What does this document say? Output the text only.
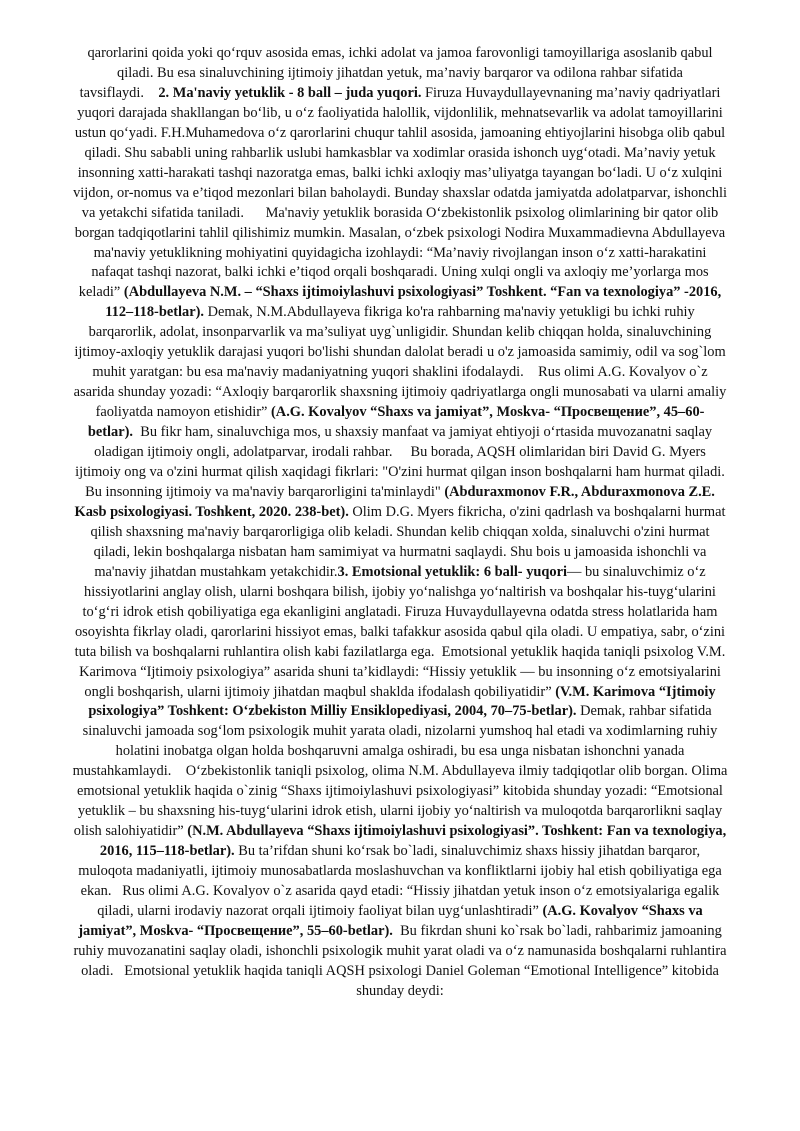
qarorlarini qoida yoki qo‘rquv asosida emas, ichki adolat va jamoa farovonligi tamoyillariga asoslanib qabul qiladi. Bu esa sinaluvchining ijtimoiy jihatdan yetuk, ma’naviy barqaror va odilona rahbar sifatida tavsiflaydi. 2. Ma'naviy yetuklik - 8 ball – juda yuqori. Firuza Huvaydullayevnaning ma’naviy qadriyatlari yuqori darajada shakllangan bo‘lib, u o‘z faoliyatida halollik, vijdonlilik, mehnatsevarlik va adolat tamoyillarini ustun qo‘yadi. F.H.Muhamedova o‘z qarorlarini chuqur tahlil asosida, jamoaning ehtiyojlarini hisobga olib qabul qiladi. Shu sababli uning rahbarlik uslubi hamkasblar va xodimlar orasida ishonch uyg‘otadi. Ma’naviy yetuk insonning xatti-harakati tashqi nazoratga emas, balki ichki axloqiy mas’uliyatga tayangan bo‘ladi. U o‘z xulqini vijdon, or-nomus va e’tiqod mezonlari bilan baholaydi. Bunday shaxslar odatda jamiyatda adolatparvar, ishonchli va yetakchi sifatida taniladi. Ma'naviy yetuklik borasida O‘zbekistonlik psixolog olimlarining bir qator olib borgan tadqiqotlarini tahlil qilishimiz mumkin. Masalan, o‘zbek psixologi Nodira Muxammadievna Abdullayeva ma'naviy yetuklikning mohiyatini quyidagicha izohlaydi: “Ma’naviy rivojlangan inson o‘z xatti-harakatini nafaqat tashqi nazorat, balki ichki e’tiqod orqali boshqaradi. Uning xulqi ongli va axloqiy me’yorlarga mos keladi” (Abdullayeva N.M. – “Shaxs ijtimoiylashuvi psixologiyasi” Toshkent. “Fan va texnologiya” -2016, 112–118-betlar). Demak, N.M.Abdullayeva fikriga ko'ra rahbarning ma'naviy yetukligi bu ichki ruhiy barqarorlik, adolat, insonparvarlik va ma’suliyat uyg`unligidir. Shundan kelib chiqqan holda, sinaluvchining ijtimoy-axloqiy yetuklik darajasi yuqori bo'lishi shundan dalolat beradi u o'z jamoasida samimiy, odil va sog`lom muhit yaratgan: bu esa ma'naviy madaniyatning yuqori shaklini ifodalaydi. Rus olimi A.G. Kovalyov o`z asarida shunday yozadi: “Axloqiy barqarorlik shaxsning ijtimoiy qadriyatlarga ongli munosabati va ularni amaliy faoliyatda namoyon etishidir” (A.G. Kovalyov “Shaxs va jamiyat”, Moskva- “Просвещение”, 45–60-betlar). Bu fikr ham, sinaluvchiga mos, u shaxsiy manfaat va jamiyat ehtiyoji o‘rtasida muvozanatni saqlay oladigan ijtimoiy ongli, adolatparvar, irodali rahbar. Bu borada, AQSH olimlaridan biri David G. Myers ijtimoiy ong va o'zini hurmat qilish xaqidagi fikrlari: "O'zini hurmat qilgan inson boshqalarni ham hurmat qiladi. Bu insonning ijtimoiy va ma'naviy barqarorligini ta'minlaydi" (Abduraxmonov F.R., Abduraxmonova Z.E. Kasb psixologiyasi. Toshkent, 2020. 238-bet). Olim D.G. Myers fikricha, o'zini qadrlash va boshqalarni hurmat qilish shaxsning ma'naviy barqarorligiga olib keladi. Shundan kelib chiqqan xolda, sinaluvchi o'zini hurmat qiladi, lekin boshqalarga nisbatan ham samimiyat va hurmatni saqlaydi. Shu bois u jamoasida ishonchli va ma'naviy jihatdan mustahkam yetakchidir.3. Emotsional yetuklik: 6 ball- yuqori— bu sinaluvchimiz o‘z hissiyotlarini anglay olish, ularni boshqara bilish, ijobiy yo‘nalishga yo‘naltirish va boshqalar his-tuyg‘ularini to‘g‘ri idrok etish qobiliyatiga ega ekanligini anglatadi. Firuza Huvaydullayevna odatda stress holatlarida ham osoyishta fikrlay oladi, qarorlarini hissiyot emas, balki tafakkur asosida qabul qila oladi. U empatiya, sabr, o‘zini tuta bilish va boshqalarni ruhlantira olish kabi fazilatlarga ega. Emotsional yetuklik haqida taniqli psixolog V.M. Karimova “Ijtimoiy psixologiya” asarida shuni ta’kidlaydi: “Hissiy yetuklik — bu insonning o‘z emotsiyalarini ongli boshqarish, ularni ijtimoiy jihatdan maqbul shaklda ifodalash qobiliyatidir” (V.M. Karimova “Ijtimoiy psixologiya” Toshkent: O‘zbekiston Milliy Ensiklopediyasi, 2004, 70–75-betlar). Demak, rahbar sifatida sinaluvchi jamoada sog‘lom psixologik muhit yarata oladi, nizolarni yumshoq hal etadi va xodimlarning ruhiy holatini inobatga olgan holda boshqaruvni amalga oshiradi, bu esa unga nisbatan ishonchni yanada mustahkamlaydi. O‘zbekistonlik taniqli psixolog, olima N.M. Abdullayeva ilmiy tadqiqotlar olib borgan. Olima emotsional yetuklik haqida o`zinig “Shaxs ijtimoiylashuvi psixologiyasi” kitobida shunday yozadi: “Emotsional yetuklik – bu shaxsning his-tuyg‘ularini idrok etish, ularni ijobiy yo‘naltirish va muloqotda barqarorlikni saqlay olish salohiyatidir” (N.M. Abdullayeva “Shaxs ijtimoiylashuvi psixologiyasi”. Toshkent: Fan va texnologiya, 2016, 115–118-betlar). Bu ta’rifdan shuni ko‘rsak bo`ladi, sinaluvchimiz shaxs hissiy jihatdan barqaror, muloqota madaniyatli, ijtimoiy munosabatlarda moslashuvchan va konfliktlarni ijobiy hal etish qobiliyatiga ega ekan. Rus olimi A.G. Kovalyov o`z asarida qayd etadi: “Hissiy jihatdan yetuk inson o‘z emotsiyalariga egalik qiladi, ularni irodaviy nazorat orqali ijtimoiy faoliyat bilan uyg‘unlashtiradi” (A.G. Kovalyov “Shaxs va jamiyat”, Moskva- “Просвещение”, 55–60-betlar). Bu fikrdan shuni ko`rsak bo`ladi, rahbarimiz jamoaning ruhiy muvozanatini saqlay oladi, ishonchli psixologik muhit yarat oladi va o‘z namunasida boshqalarni ruhlantira oladi. Emotsional yetuklik haqida taniqli AQSH psixologi Daniel Goleman “Emotional Intelligence” kitobida shunday deydi:
